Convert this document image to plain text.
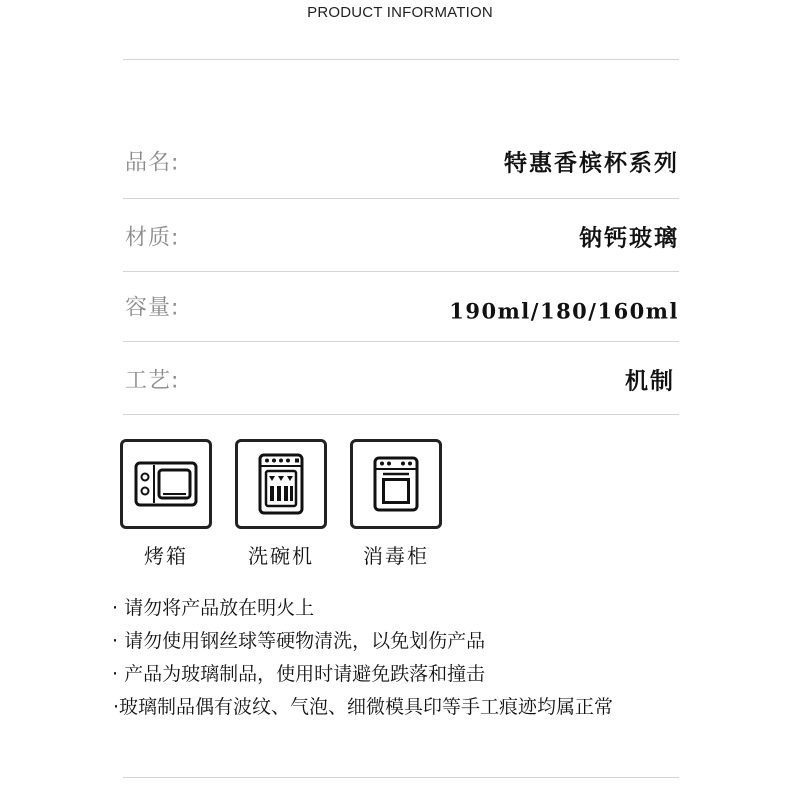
PRODUCT INFORMATION
品名:	特惠香槟杯系列
材质:	钠钙玻璃
容量:	190ml/180/160ml
工艺:	机制
烤箱	洗碗机	消毒柜
· 请勿将产品放在明火上
· 请勿使用钢丝球等硬物清洗，以免划伤产品
· 产品为玻璃制品，使用时请避免跌落和撞击
·玻璃制品偶有波纹、气泡、细微模具印等手工痕迹均属正常
